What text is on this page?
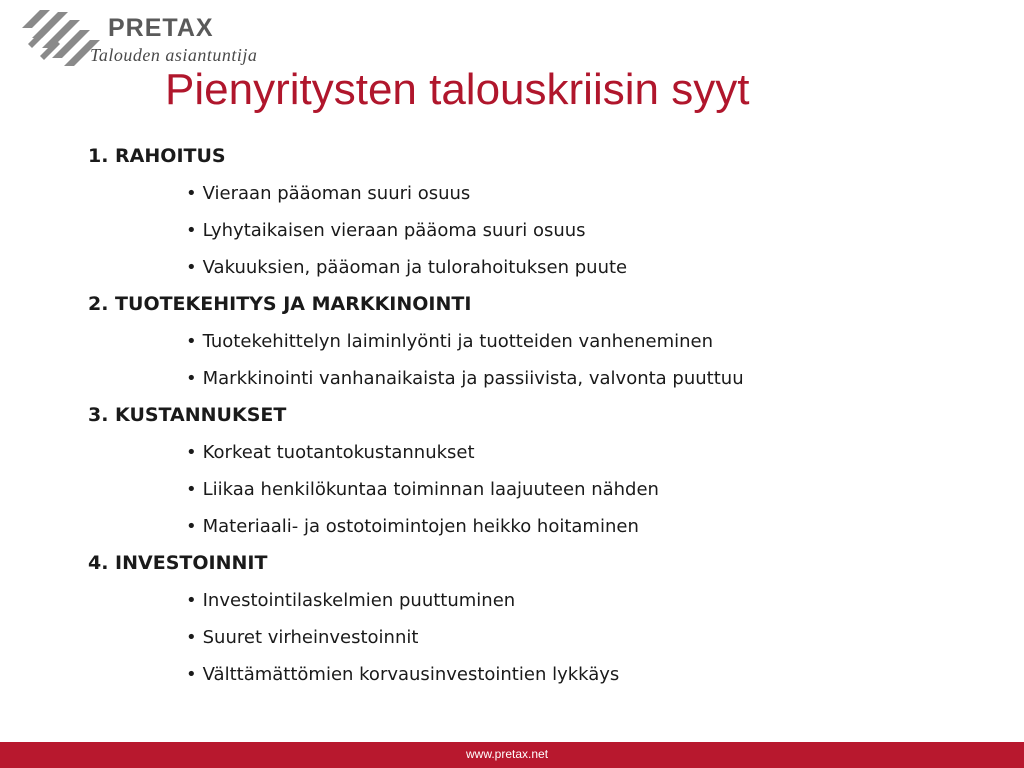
PRETAX
Talouden asiantuntija
Pienyritysten talouskriisin syyt
1. RAHOITUS
• Vieraan pääoman suuri osuus
• Lyhytaikaisen vieraan pääoma suuri osuus
• Vakuuksien, pääoman ja tulorahoituksen puute
2. TUOTEKEHITYS JA MARKKINOINTI
• Tuotekehittelyn laiminlyönti ja tuotteiden vanheneminen
• Markkinointi vanhanaikaista ja passiivista, valvonta puuttuu
3. KUSTANNUKSET
• Korkeat tuotantokustannukset
• Liikaa henkilökuntaa toiminnan laajuuteen nähden
• Materiaali- ja ostotoimintojen heikko hoitaminen
4. INVESTOINNIT
• Investointilaskelmien puuttuminen
• Suuret virheinvestoinnit
• Välttämättömien korvausinvestointien lykkäys
www.pretax.net
